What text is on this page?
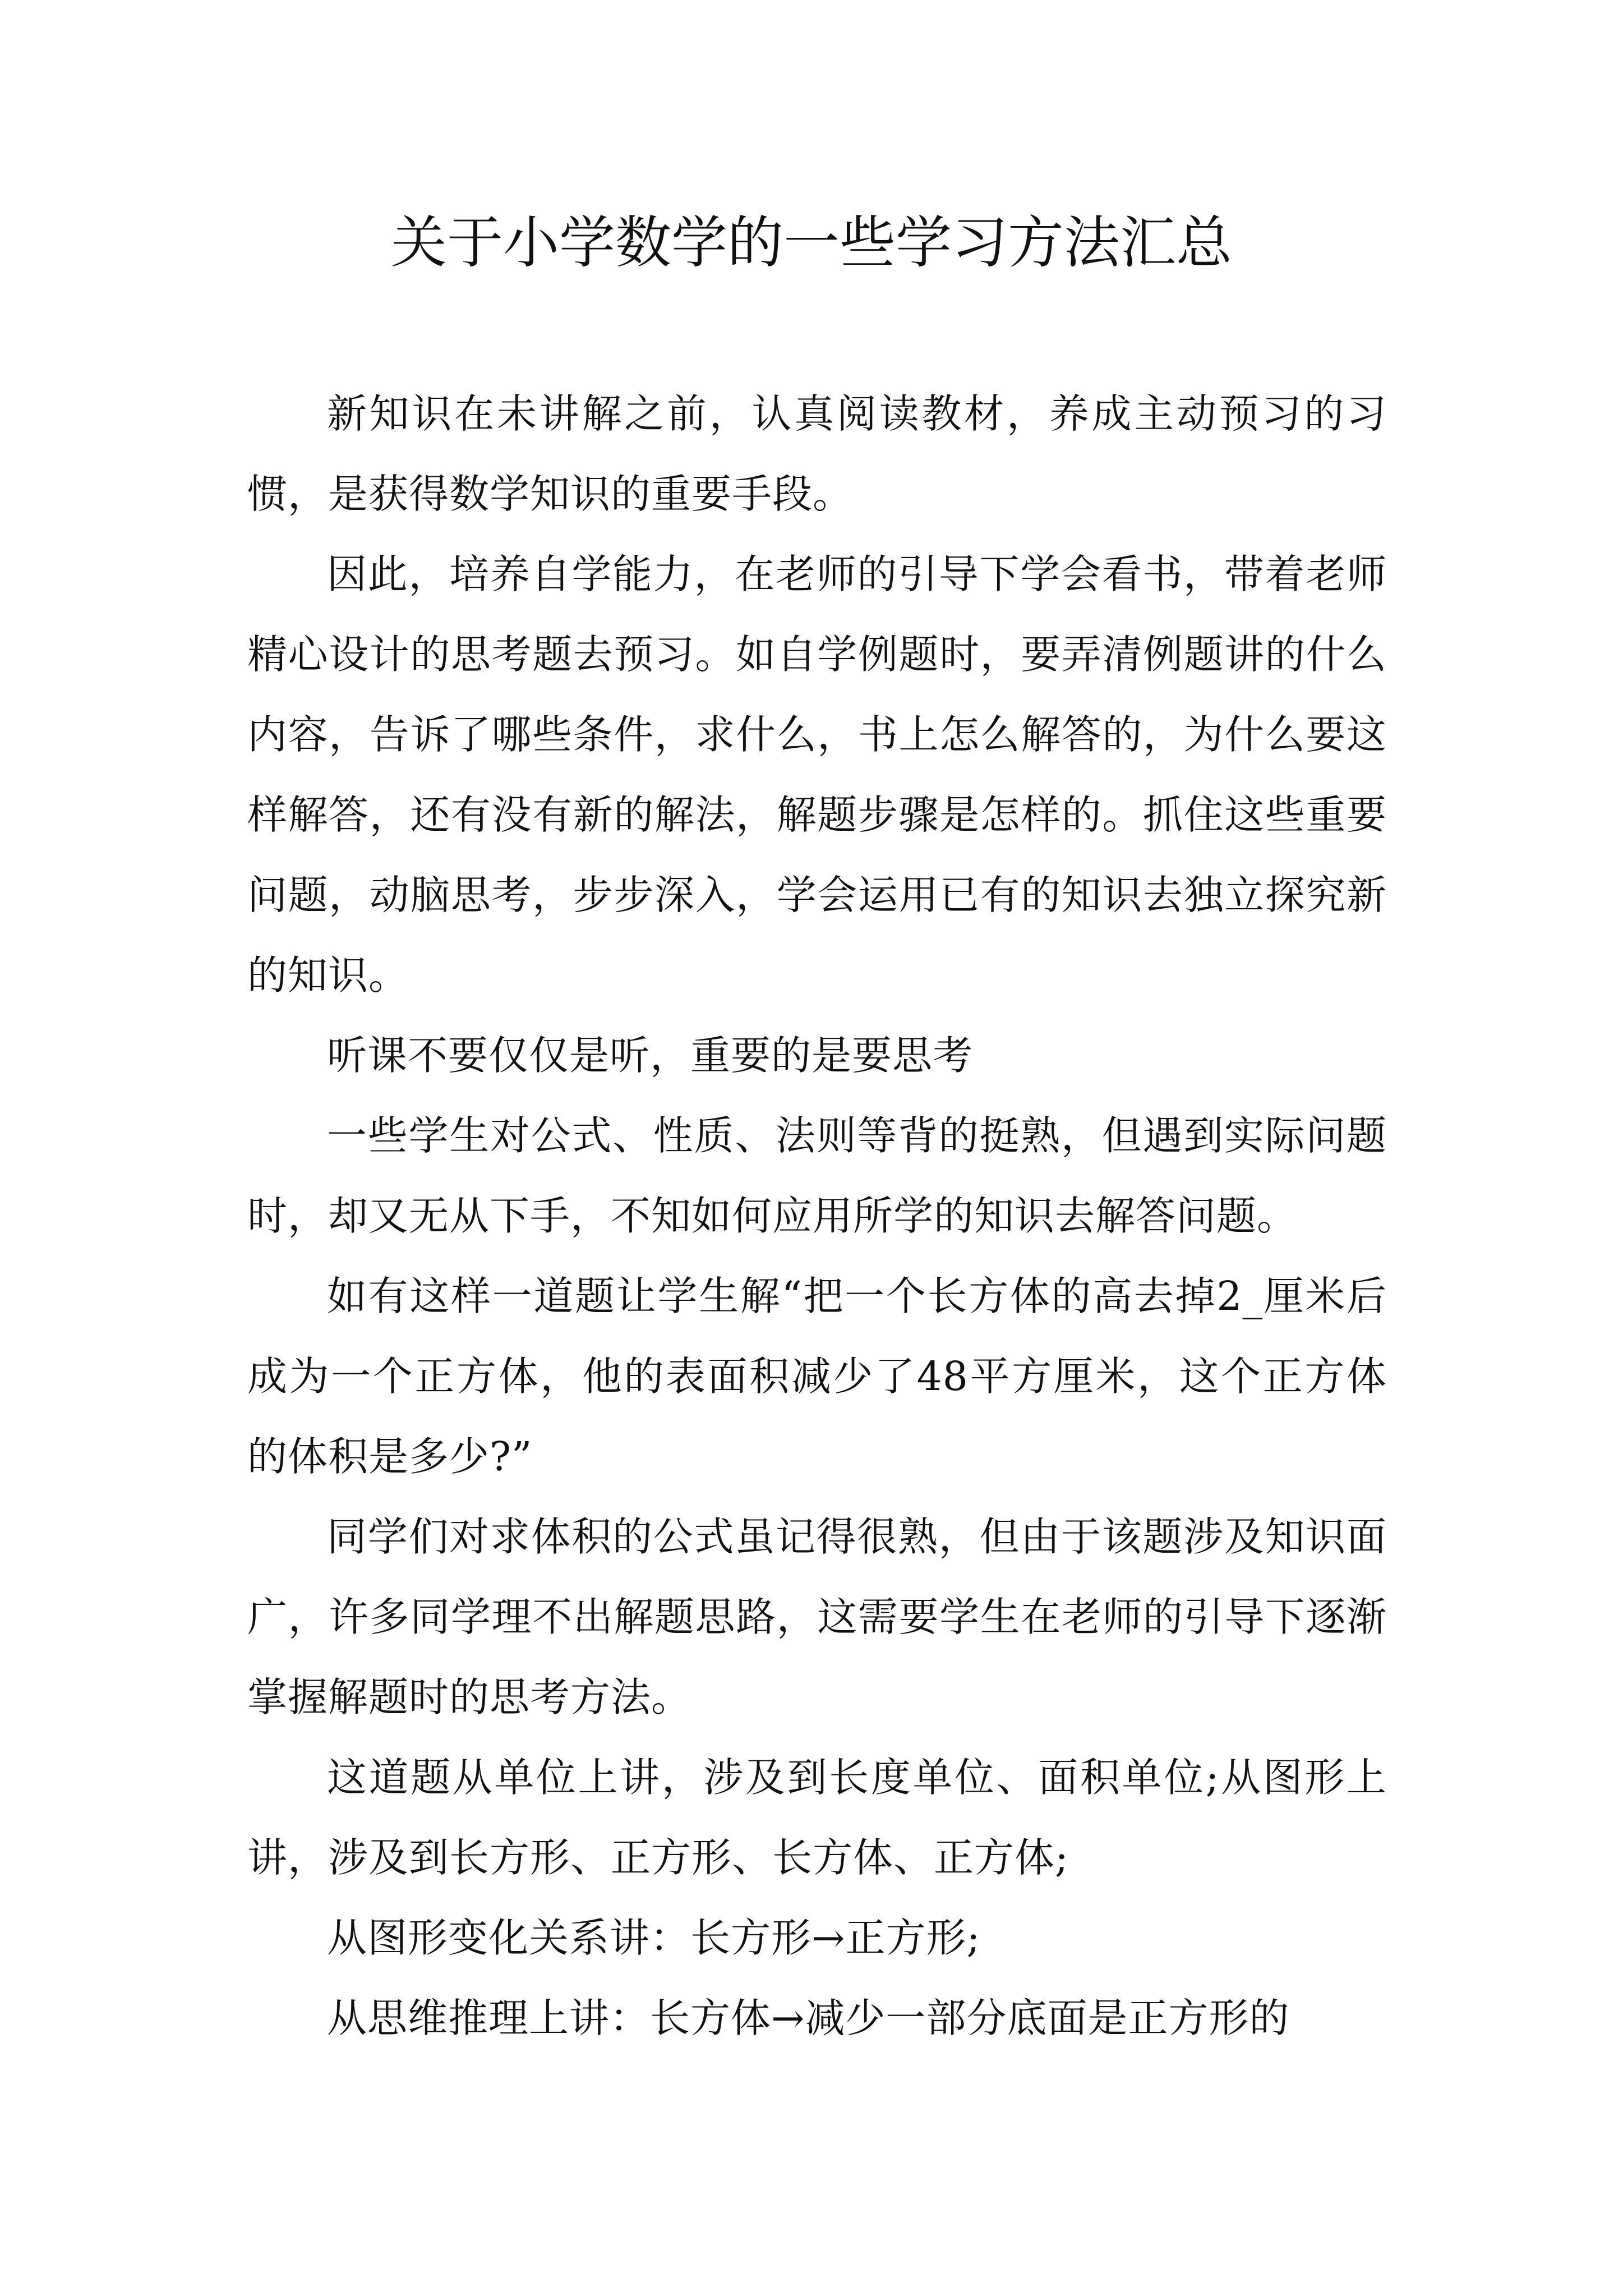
关于小学数学的一些学习方法汇总

新知识在未讲解之前，认真阅读教材，养成主动预习的习惯，是获得数学知识的重要手段。

因此，培养自学能力，在老师的引导下学会看书，带着老师精心设计的思考题去预习。如自学例题时，要弄清例题讲的什么内容，告诉了哪些条件，求什么，书上怎么解答的，为什么要这样解答，还有没有新的解法，解题步骤是怎样的。抓住这些重要问题，动脑思考，步步深入，学会运用已有的知识去独立探究新的知识。

听课不要仅仅是听，重要的是要思考

一些学生对公式、性质、法则等背的挺熟，但遇到实际问题时，却又无从下手，不知如何应用所学的知识去解答问题。

如有这样一道题让学生解“把一个长方体的高去掉2_厘米后成为一个正方体，他的表面积减少了48平方厘米，这个正方体的体积是多少?”

同学们对求体积的公式虽记得很熟，但由于该题涉及知识面广，许多同学理不出解题思路，这需要学生在老师的引导下逐渐掌握解题时的思考方法。

这道题从单位上讲，涉及到长度单位、面积单位;从图形上讲，涉及到长方形、正方形、长方体、正方体;

从图形变化关系讲：长方形→正方形;

从思维推理上讲：长方体→减少一部分底面是正方形的
